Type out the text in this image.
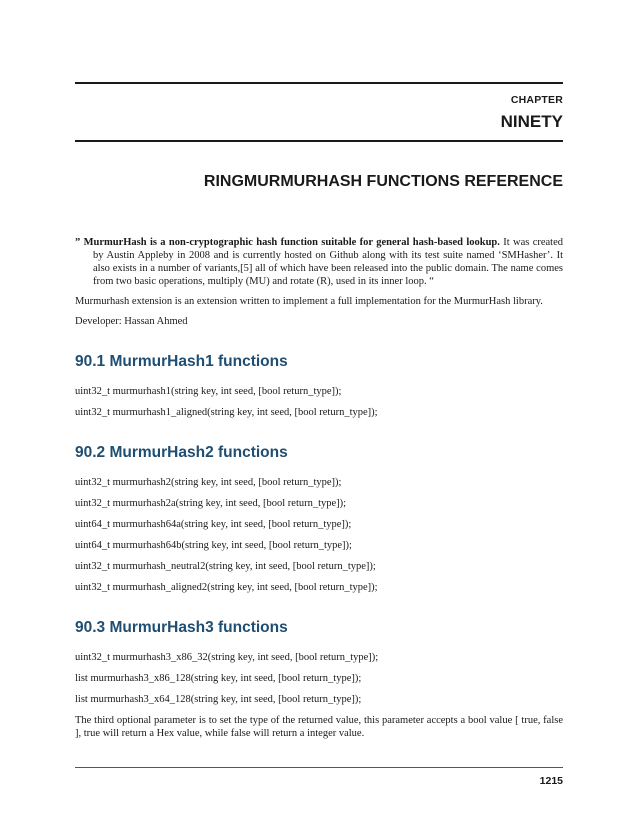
CHAPTER
NINETY
RINGMURMURHASH FUNCTIONS REFERENCE

” MurmurHash is a non-cryptographic hash function suitable for general hash-based lookup. It was created by Austin Appleby in 2008 and is currently hosted on Github along with its test suite named ‘SMHasher’. It also exists in a number of variants,[5] all of which have been released into the public domain. The name comes from two basic operations, multiply (MU) and rotate (R), used in its inner loop. “

Murmurhash extension is an extension written to implement a full implementation for the MurmurHash library.

Developer: Hassan Ahmed

90.1 MurmurHash1 functions

uint32_t murmurhash1(string key, int seed, [bool return_type]);

uint32_t murmurhash1_aligned(string key, int seed, [bool return_type]);

90.2 MurmurHash2 functions

uint32_t murmurhash2(string key, int seed, [bool return_type]);

uint32_t murmurhash2a(string key, int seed, [bool return_type]);

uint64_t murmurhash64a(string key, int seed, [bool return_type]);

uint64_t murmurhash64b(string key, int seed, [bool return_type]);

uint32_t murmurhash_neutral2(string key, int seed, [bool return_type]);

uint32_t murmurhash_aligned2(string key, int seed, [bool return_type]);

90.3 MurmurHash3 functions

uint32_t murmurhash3_x86_32(string key, int seed, [bool return_type]);

list murmurhash3_x86_128(string key, int seed, [bool return_type]);

list murmurhash3_x64_128(string key, int seed, [bool return_type]);

The third optional parameter is to set the type of the returned value, this parameter accepts a bool value [ true, false ], true will return a Hex value, while false will return a integer value.

1215
